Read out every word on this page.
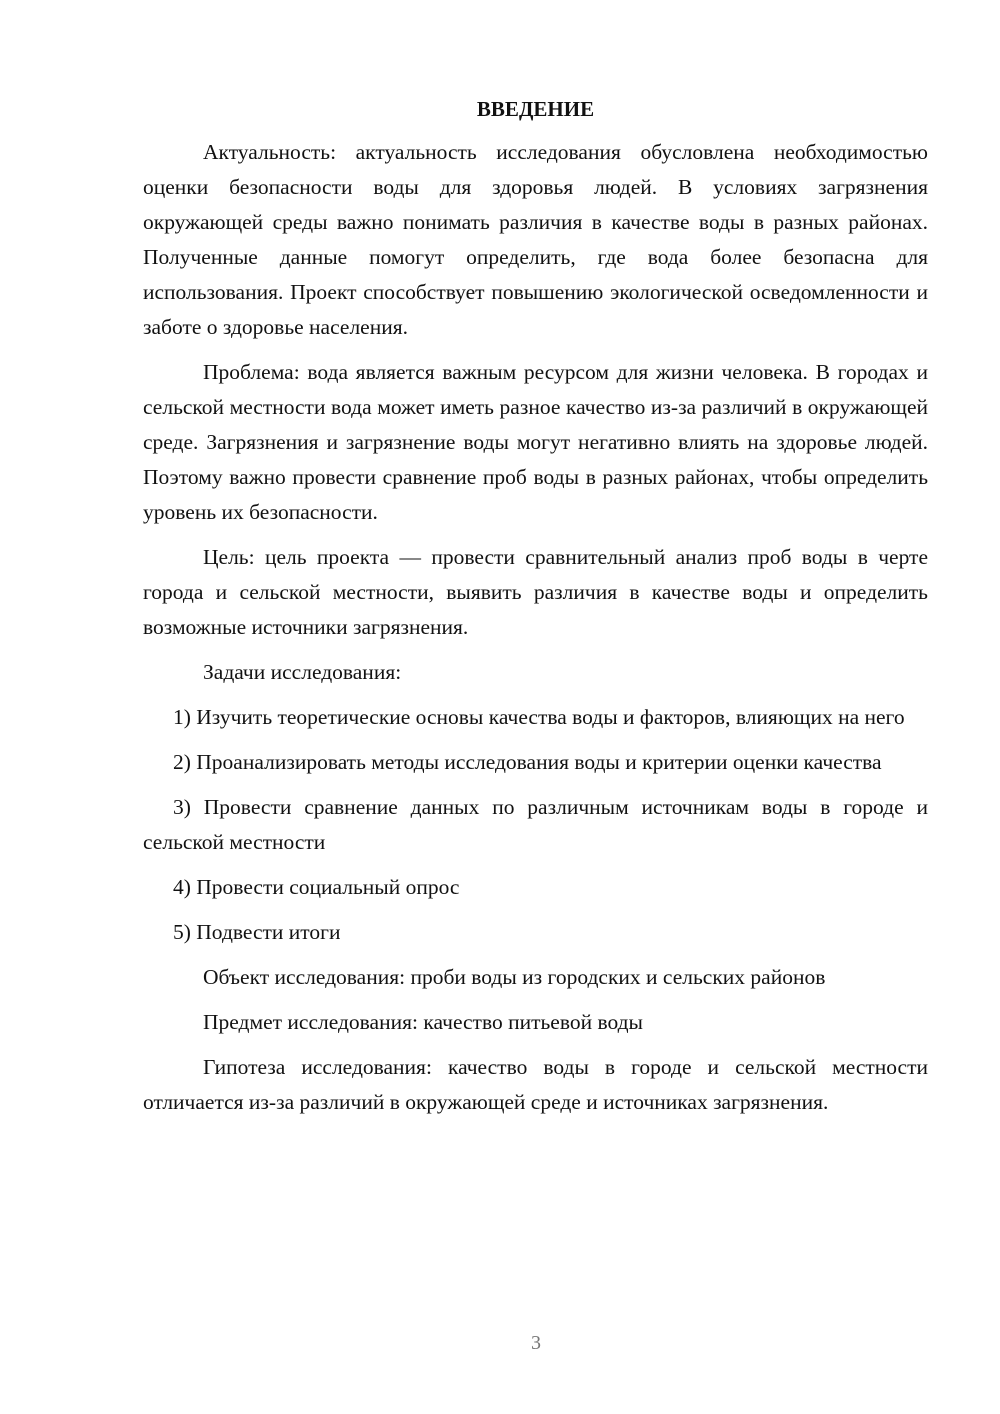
ВВЕДЕНИЕ

Актуальность: актуальность исследования обусловлена необходимостью оценки безопасности воды для здоровья людей. В условиях загрязнения окружающей среды важно понимать различия в качестве воды в разных районах. Полученные данные помогут определить, где вода более безопасна для использования. Проект способствует повышению экологической осведомленности и заботе о здоровье населения.

Проблема: вода является важным ресурсом для жизни человека. В городах и сельской местности вода может иметь разное качество из-за различий в окружающей среде. Загрязнения и загрязнение воды могут негативно влиять на здоровье людей. Поэтому важно провести сравнение проб воды в разных районах, чтобы определить уровень их безопасности.

Цель: цель проекта — провести сравнительный анализ проб воды в черте города и сельской местности, выявить различия в качестве воды и определить возможные источники загрязнения.

Задачи исследования:

1) Изучить теоретические основы качества воды и факторов, влияющих на него

2) Проанализировать методы исследования воды и критерии оценки качества

3) Провести сравнение данных по различным источникам воды в городе и сельской местности

4) Провести социальный опрос

5) Подвести итоги

Объект исследования: проби воды из городских и сельских районов

Предмет исследования: качество питьевой воды

Гипотеза исследования: качество воды в городе и сельской местности отличается из-за различий в окружающей среде и источниках загрязнения.

3
